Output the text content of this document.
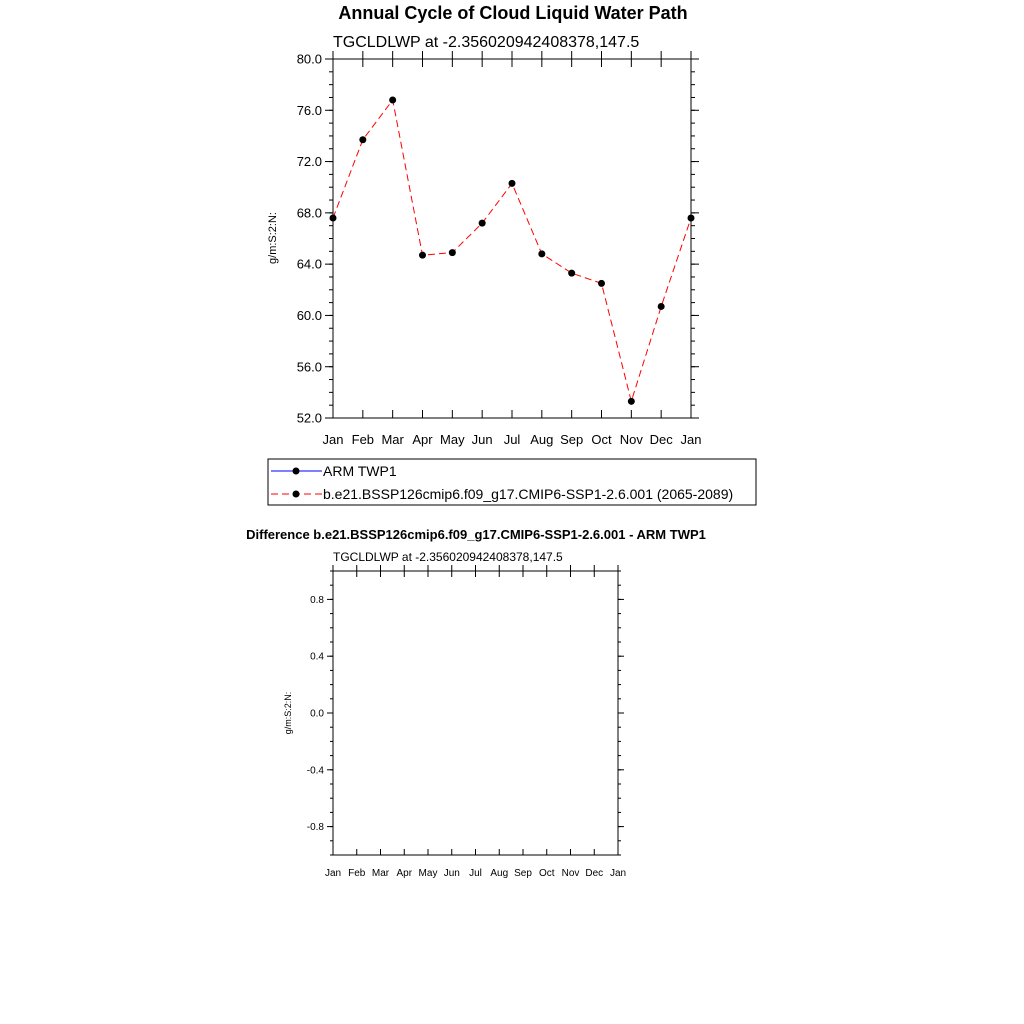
Annual Cycle of Cloud Liquid Water Path
TGCLDLWP at -2.356020942408378,147.5
g/m:S:2:N:
52.0
56.0
60.0
64.0
68.0
72.0
76.0
80.0
Jan Feb Mar Apr May Jun Jul Aug Sep Oct Nov Dec Jan
ARM TWP1
b.e21.BSSP126cmip6.f09_g17.CMIP6-SSP1-2.6.001 (2065-2089)
Difference b.e21.BSSP126cmip6.f09_g17.CMIP6-SSP1-2.6.001 - ARM TWP1
TGCLDLWP at -2.356020942408378,147.5
g/m:S:2:N:
-0.8
-0.4
0.0
0.4
0.8
Jan Feb Mar Apr May Jun Jul Aug Sep Oct Nov Dec Jan
